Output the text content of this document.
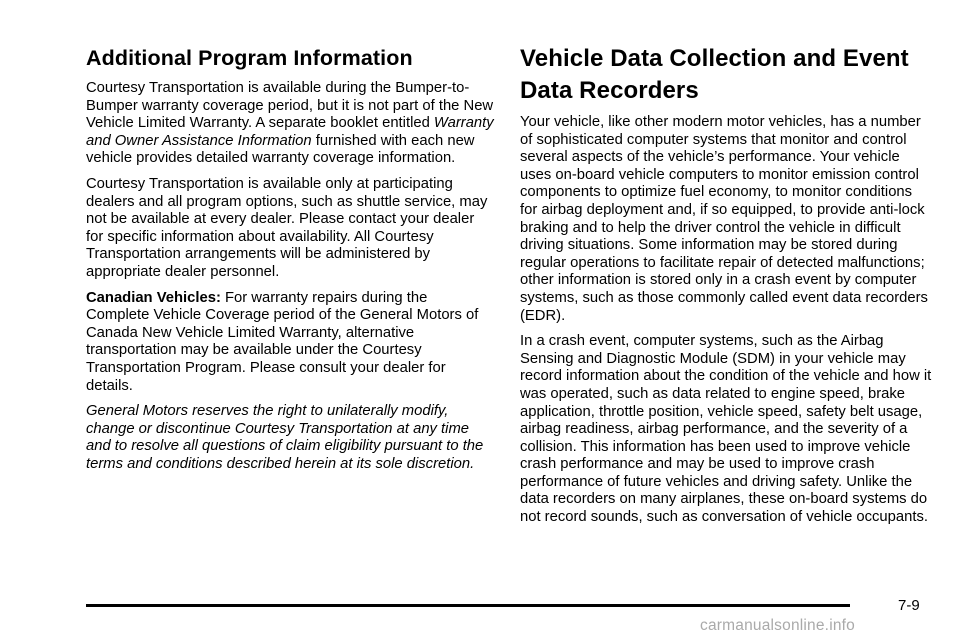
Additional Program Information

Courtesy Transportation is available during the Bumper-to-Bumper warranty coverage period, but it is not part of the New Vehicle Limited Warranty. A separate booklet entitled Warranty and Owner Assistance Information furnished with each new vehicle provides detailed warranty coverage information.

Courtesy Transportation is available only at participating dealers and all program options, such as shuttle service, may not be available at every dealer. Please contact your dealer for specific information about availability. All Courtesy Transportation arrangements will be administered by appropriate dealer personnel.

Canadian Vehicles: For warranty repairs during the Complete Vehicle Coverage period of the General Motors of Canada New Vehicle Limited Warranty, alternative transportation may be available under the Courtesy Transportation Program. Please consult your dealer for details.

General Motors reserves the right to unilaterally modify, change or discontinue Courtesy Transportation at any time and to resolve all questions of claim eligibility pursuant to the terms and conditions described herein at its sole discretion.

Vehicle Data Collection and Event Data Recorders

Your vehicle, like other modern motor vehicles, has a number of sophisticated computer systems that monitor and control several aspects of the vehicle’s performance. Your vehicle uses on-board vehicle computers to monitor emission control components to optimize fuel economy, to monitor conditions for airbag deployment and, if so equipped, to provide anti-lock braking and to help the driver control the vehicle in difficult driving situations. Some information may be stored during regular operations to facilitate repair of detected malfunctions; other information is stored only in a crash event by computer systems, such as those commonly called event data recorders (EDR).

In a crash event, computer systems, such as the Airbag Sensing and Diagnostic Module (SDM) in your vehicle may record information about the condition of the vehicle and how it was operated, such as data related to engine speed, brake application, throttle position, vehicle speed, safety belt usage, airbag readiness, airbag performance, and the severity of a collision. This information has been used to improve vehicle crash performance and may be used to improve crash performance of future vehicles and driving safety. Unlike the data recorders on many airplanes, these on-board systems do not record sounds, such as conversation of vehicle occupants.

7-9
carmanualsonline.info
